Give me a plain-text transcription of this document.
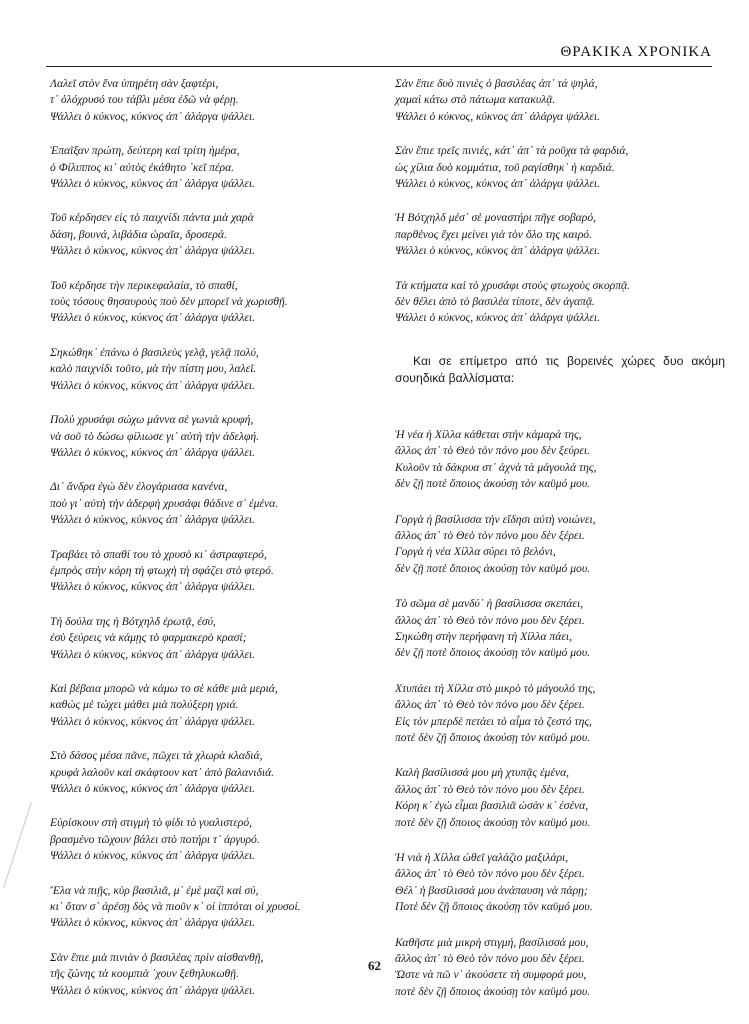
ΘΡΑΚΙΚΑ ΧΡΟΝΙΚΑ
Λαλεῖ στὸν ἕνα ὑπηρέτη σὰν ξαφτέρι,
τ᾽ ὁλόχρυσό του τάβλι μέσα ἐδῶ νὰ φέρῃ.
Ψάλλει ὁ κύκνος, κύκνος ἀπ᾽ ἀλάργα ψάλλει.
Ἐπαῖξαν πρώτη, δεύτερη καὶ τρίτη ἡμέρα,
ὁ Φίλιππος κι᾽ αὐτὸς ἐκάθητο ᾽κεῖ πέρα.
Ψάλλει ὁ κύκνος, κύκνος ἀπ᾽ ἀλάργα ψάλλει.
Τοῦ κέρδησεν εἰς τὸ παιχνίδι πάντα μιὰ χαρὰ
δάση, βουνά, λιβάδια ὡραῖα, δροσερά.
Ψάλλει ὁ κύκνος, κύκνος ἀπ᾽ ἀλάργα ψάλλει.
Τοῦ κέρδησε τὴν περικεφαλαία, τὸ σπαθί,
τοὺς τόσους θησαυροὺς ποὺ δὲν μπορεῖ νὰ χωρισθῇ.
Ψάλλει ὁ κύκνος, κύκνος ἀπ᾽ ἀλάργα ψάλλει.
Σηκώθηκ᾽ ἐπάνω ὁ βασιλεὺς γελᾷ, γελᾷ πολύ,
καλὸ παιχνίδι τοῦτο, μὰ τὴν πίστη μου, λαλεῖ.
Ψάλλει ὁ κύκνος, κύκνος ἀπ᾽ ἀλάργα ψάλλει.
Πολὺ χρυσάφι σώχω μάννα σὲ γωνιὰ κρυφή,
νὰ σοῦ τὸ δώσω φίλιωσε γι᾽ αὐτὴ τὴν ἀδελφή.
Ψάλλει ὁ κύκνος, κύκνος ἀπ᾽ ἀλάργα ψάλλει.
Δι᾽ ἄνδρα ἐγὼ δὲν ἐλογάριασα κανένα,
ποὺ γι᾽ αὐτὴ τὴν ἀδερφὴ χρυσάφι θάδινε σ᾽ ἐμένα.
Ψάλλει ὁ κύκνος, κύκνος ἀπ᾽ ἀλάργα ψάλλει.
Τραβάει τὸ σπαθί του τὸ χρυσὸ κι᾽ ἀστραφτερό,
ἐμπρὸς στὴν κόρη τὴ φτωχὴ τὴ σφάζει στὸ φτερό.
Ψάλλει ὁ κύκνος, κύκνος ἀπ᾽ ἀλάργα ψάλλει.
Τὴ δούλα της ἡ Βότχηλδ ἐρωτᾷ, ἐσύ,
ἐσὺ ξεύρεις νὰ κάμῃς τὸ φαρμακερὸ κρασί;
Ψάλλει ὁ κύκνος, κύκνος ἀπ᾽ ἀλάργα ψάλλει.
Καὶ βέβαια μπορῶ νὰ κάμω το σὲ κάθε μιὰ μεριά,
καθὼς μὲ τώχει μάθει μιὰ πολύξερη γριά.
Ψάλλει ὁ κύκνος, κύκνος ἀπ᾽ ἀλάργα ψάλλει.
Στὸ δάσος μέσα πᾶνε, πῶχει τὰ χλωρὰ κλαδιά,
κρυφὰ λαλοῦν καὶ σκάφτουν κατ᾽ ἀπὸ βαλανιδιά.
Ψάλλει ὁ κύκνος, κύκνος ἀπ᾽ ἀλάργα ψάλλει.
Εὑρίσκουν στὴ στιγμὴ τὸ φίδι τὸ γυαλιστερό,
βρασμένο τῶχουν βάλει στὸ ποτήρι τ᾽ ἀργυρό.
Ψάλλει ὁ κύκνος, κύκνος ἀπ᾽ ἀλάργα ψάλλει.
Ἔλα νὰ πιῇς, κὺρ βασιλιᾶ, μ᾽ ἐμὲ μαζὶ καὶ σύ,
κι᾽ ὅταν σ᾽ ἀρέσῃ δὸς νὰ πιοῦν κ᾽ οἱ ἱππόται οἱ χρυσοί.
Ψάλλει ὁ κύκνος, κύκνος ἀπ᾽ ἀλάργα ψάλλει.
Σὰν ἔπιε μιὰ πινιὰν ὁ βασιλέας πρὶν αἰσθανθῇ,
τῆς ζώνης τὰ κουμπιὰ ᾽χουν ξεθηλυκωθῇ.
Ψάλλει ὁ κύκνος, κύκνος ἀπ᾽ ἀλάργα ψάλλει.
Σὰν ἔπιε δυὸ πινιὲς ὁ βασιλέας ἀπ᾽ τά ψηλά,
χαμαὶ κάτω στὸ πάτωμα κατακυλᾷ.
Ψάλλει ὁ κύκνος, κύκνος ἀπ᾽ ἀλάργα ψάλλει.
Σὰν ἔπιε τρεῖς πινιές, κάτ᾽ ἀπ᾽ τὰ ροῦχα τὰ φαρδιά,
ὡς χίλια δυὸ κομμάτια, τοῦ ραγίσθηκ᾽ ἡ καρδιά.
Ψάλλει ὁ κύκνος, κύκνος ἀπ᾽ ἀλάργα ψάλλει.
Ἡ Βότχηλδ μέσ᾽ σὲ μοναστήρι πῆγε σοβαρό,
παρθένος ἔχει μείνει γιὰ τὸν ὅλο της καιρό.
Ψάλλει ὁ κύκνος, κύκνος ἀπ᾽ ἀλάργα ψάλλει.
Τὰ κτήματα καὶ τὸ χρυσάφι στοὺς φτωχοὺς σκορπᾷ.
δὲν θέλει ἀπὸ τὸ βασιλέα τίποτε, δὲν ἀγαπᾷ.
Ψάλλει ὁ κύκνος, κύκνος ἀπ᾽ ἀλάργα ψάλλει.

Και σε επίμετρο από τις βορεινές χώρες δυο ακόμη σουηδικά βαλλίσματα:

Ἡ νέα ἡ Χίλλα κάθεται στὴν κάμαρά της,
ἄλλος ἀπ᾽ τὸ Θεὸ τὸν πόνο μου δὲν ξεύρει.
Κυλοῦν τὰ δάκρυα στ᾽ ἀχνὰ τὰ μάγουλά της,
δὲν ζῇ ποτὲ ὅποιος ἀκούσῃ τὸν καϋμό μου.
Γοργὰ ἡ βασίλισσα τὴν εἴδησι αὐτὴ νοιώνει,
ἄλλος ἀπ᾽ τὸ Θεὸ τὸν πόνο μου δὲν ξέρει.
Γοργὰ ἡ νέα Χίλλα σύρει τὸ βελόνι,
δὲν ζῇ ποτὲ ὅποιος ἀκούσῃ τὸν καϋμό μου.
Τὸ σῶμα σὲ μανδύ᾽ ἡ βασίλισσα σκεπάει,
ἄλλος ἀπ᾽ τὸ Θεὸ τὸν πόνο μου δὲν ξέρει.
Σηκώθη στὴν περήφανη τὴ Χίλλα πάει,
δὲν ζῇ ποτὲ ὅποιος ἀκούσῃ τὸν καϋμό μου.
Χτυπάει τὴ Χίλλα στὸ μικρὸ τὸ μάγουλό της,
ἄλλος ἀπ᾽ τὸ Θεὸ τὸν πόνο μου δὲν ξέρει.
Εἰς τὸν μπερδὲ πετάει τὸ αἷμα τὸ ζεστό της,
ποτὲ δὲν ζῇ ὅποιος ἀκούσῃ τὸν καϋμό μου.
Καλὴ βασίλισσά μου μὴ χτυπᾷς ἐμένα,
ἄλλος ἀπ᾽ τὸ Θεὸ τὸν πόνο μου δὲν ξέρει.
Κόρη κ᾽ ἐγὼ εἶμαι βασιλιᾶ ὡσὰν κ᾽ ἐσένα,
ποτὲ δὲν ζῇ ὅποιος ἀκούσῃ τὸν καϋμό μου.
Ἡ νιὰ ἡ Χίλλα ὠθεῖ γαλάζιο μαξιλάρι,
ἄλλος ἀπ᾽ τὸ Θεὸ τὸν πόνο μου δὲν ξέρει.
Θέλ᾽ ἡ βασίλισσά μου ἀνάπαυση νὰ πάρῃ;
Ποτὲ δὲν ζῇ ὅποιος ἀκούσῃ τὸν καϋμό μου.
Καθῆστε μιὰ μικρὴ στιγμή, βασίλισσά μου,
ἄλλος ἀπ᾽ τὸ Θεὸ τὸν πόνο μου δὲν ξέρει.
Ὥστε νὰ πῶ ν᾽ ἀκούσετε τὴ συμφορά μου,
ποτὲ δὲν ζῇ ὅποιος ἀκούσῃ τὸν καϋμό μου.
62
